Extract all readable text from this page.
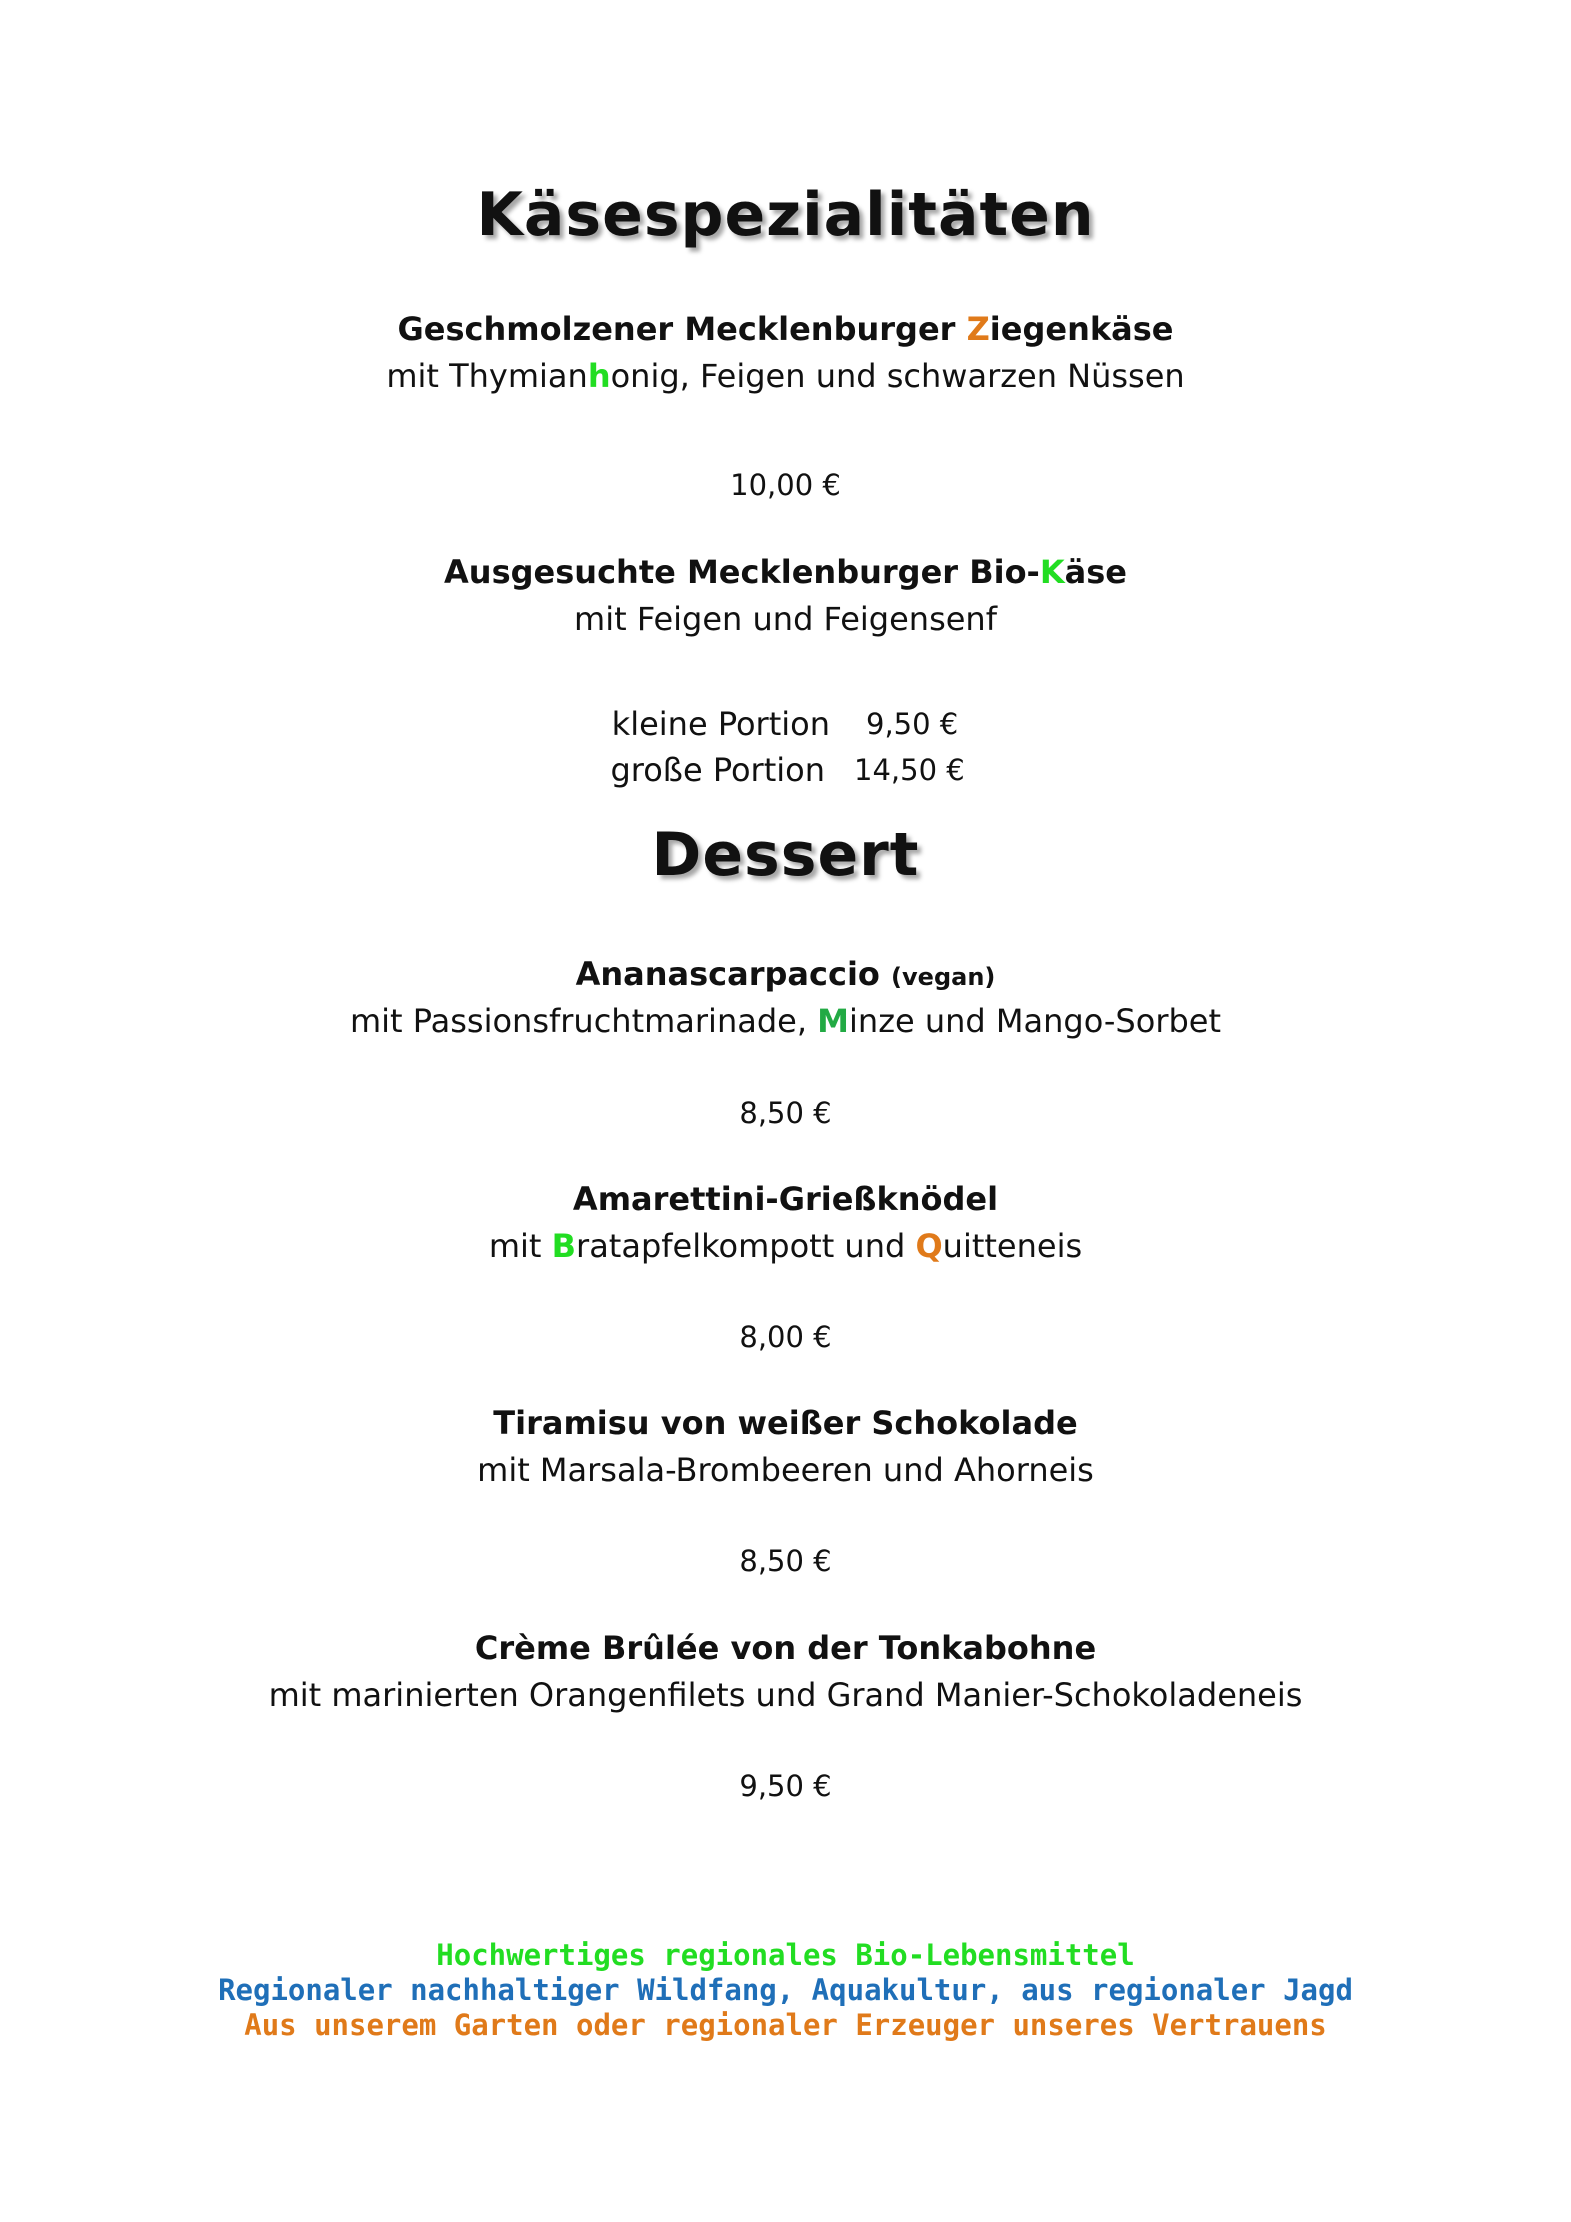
Käsespezialitäten

Geschmolzener Mecklenburger Ziegenkäse

mit Thymianhonig, Feigen und schwarzen Nüssen

10,00 €

Ausgesuchte Mecklenburger Bio-Käse

mit Feigen und Feigensenf

kleine Portion 9,50 €
große Portion 14,50 €
Dessert

Ananascarpaccio (vegan)

mit Passionsfruchtmarinade, Minze und Mango-Sorbet

8,50 €

Amarettini-Grießknödel

mit Bratapfelkompott und Quitteneis

8,00 €

Tiramisu von weißer Schokolade

mit Marsala-Brombeeren und Ahorneis

8,50 €

Crème Brûlée von der Tonkabohne

mit marinierten Orangenfilets und Grand Manier-Schokoladeneis

9,50 €

Hochwertiges regionales Bio-Lebensmittel

Regionaler nachhaltiger Wildfang, Aquakultur, aus regionaler Jagd

Aus unserem Garten oder regionaler Erzeuger unseres Vertrauens
